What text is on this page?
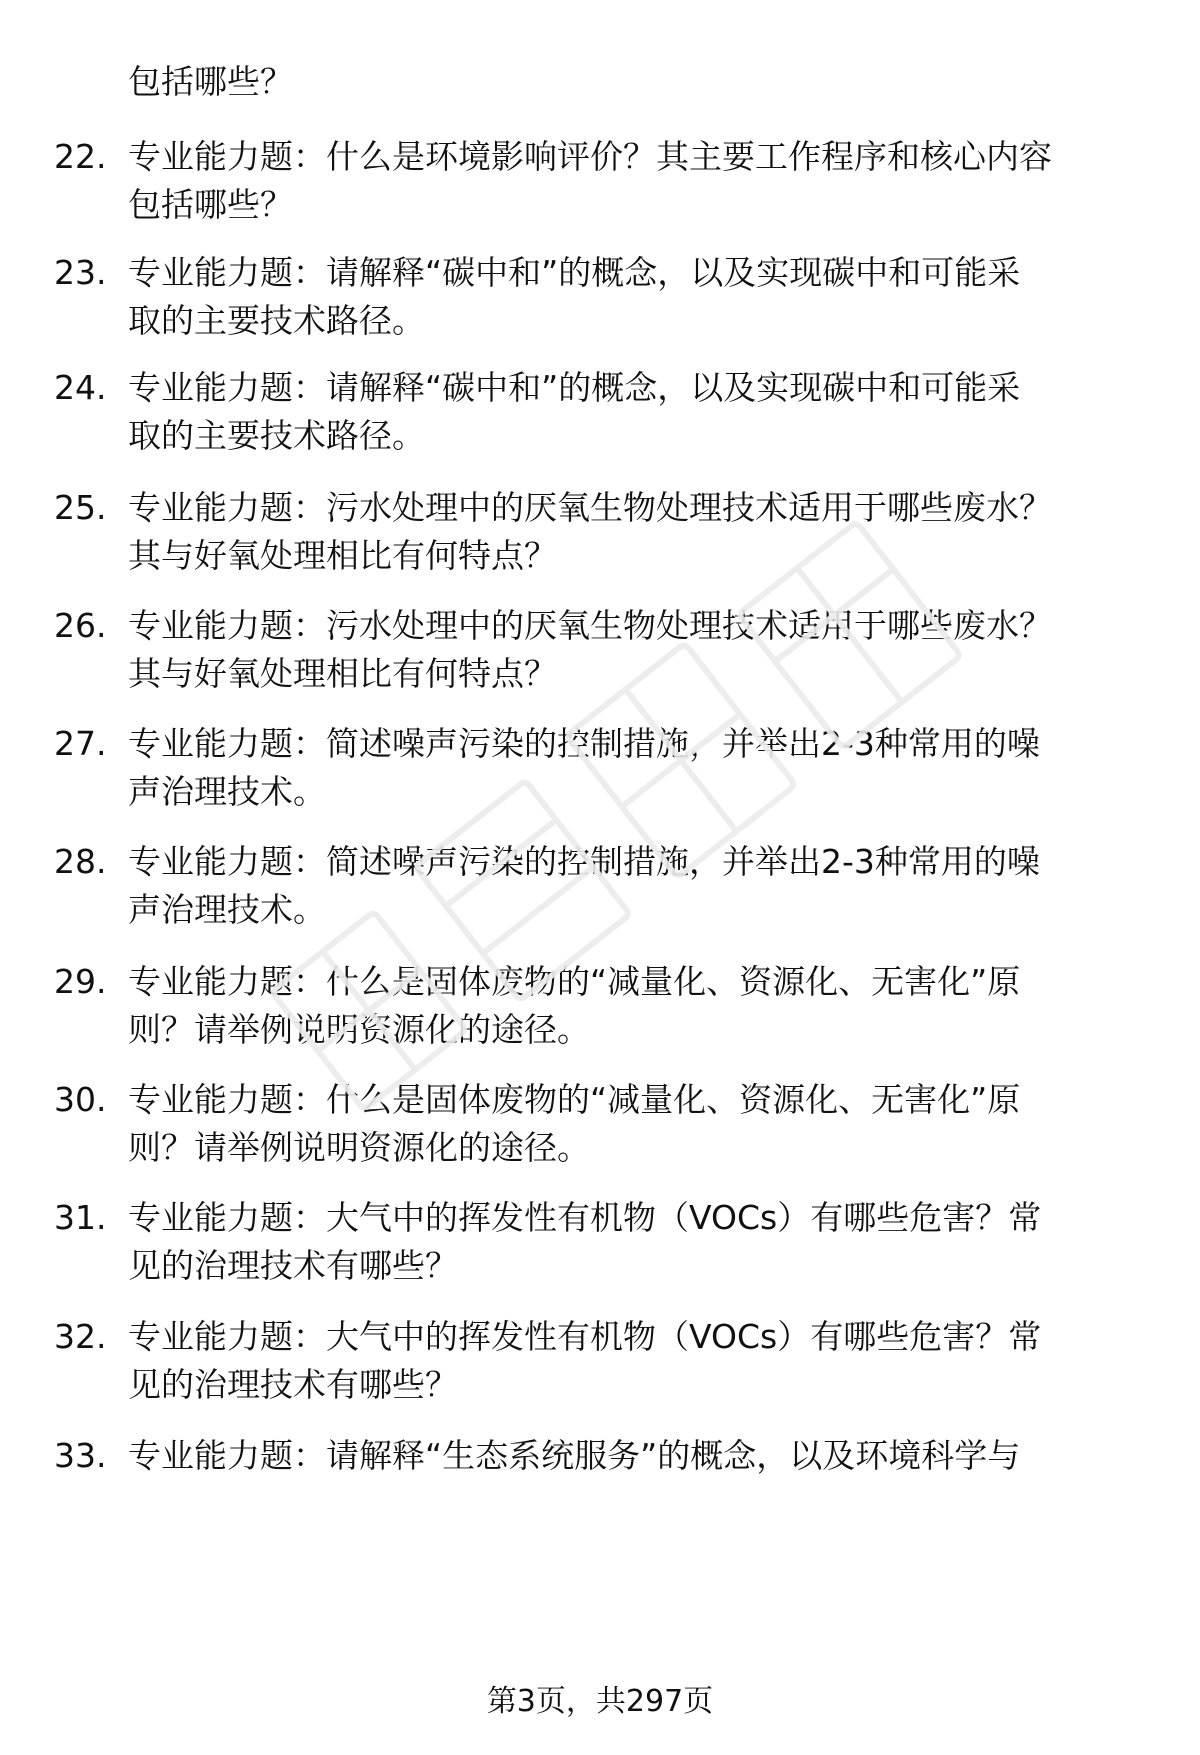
包括哪些？
22. 专业能力题：什么是环境影响评价？其主要工作程序和核心内容
包括哪些？
23. 专业能力题：请解释“碳中和”的概念，以及实现碳中和可能采
取的主要技术路径。
24. 专业能力题：请解释“碳中和”的概念，以及实现碳中和可能采
取的主要技术路径。
25. 专业能力题：污水处理中的厌氧生物处理技术适用于哪些废水？
其与好氧处理相比有何特点？
26. 专业能力题：污水处理中的厌氧生物处理技术适用于哪些废水？
其与好氧处理相比有何特点？
27. 专业能力题：简述噪声污染的控制措施，并举出2-3种常用的噪
声治理技术。
28. 专业能力题：简述噪声污染的控制措施，并举出2-3种常用的噪
声治理技术。
29. 专业能力题：什么是固体废物的“减量化、资源化、无害化”原
则？请举例说明资源化的途径。
30. 专业能力题：什么是固体废物的“减量化、资源化、无害化”原
则？请举例说明资源化的途径。
31. 专业能力题：大气中的挥发性有机物（VOCs）有哪些危害？常
见的治理技术有哪些？
32. 专业能力题：大气中的挥发性有机物（VOCs）有哪些危害？常
见的治理技术有哪些？
33. 专业能力题：请解释“生态系统服务”的概念，以及环境科学与
第3页，共297页
